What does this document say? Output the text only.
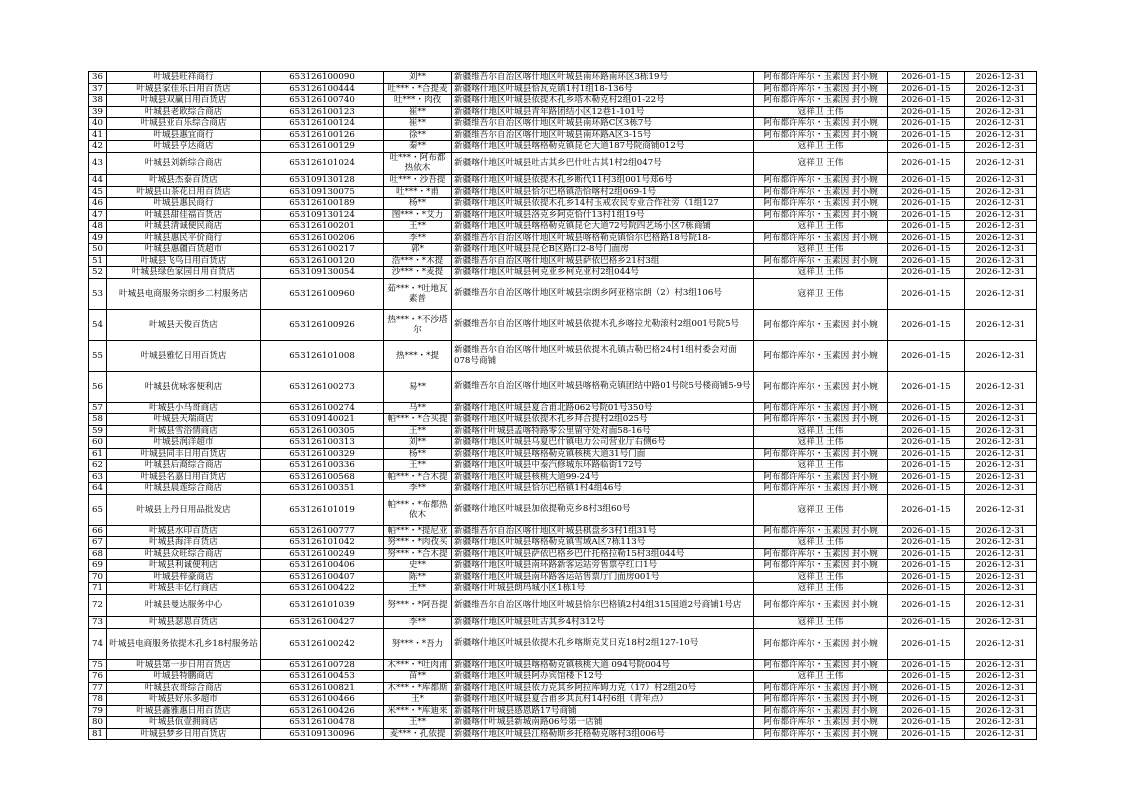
36	叶城县旺祥商行	653126100090	刘**	新疆维吾尔自治区喀什地区叶城县南环路南环区3栋19号	阿布都许库尔・玉素因 封小婉	2026-01-15	2026-12-31
37	叶城县家佳乐日用百货店	653126100444	吐***・*合提麦	新疆喀什地区叶城县恰瓦克镇1村1组18-136号	阿布都许库尔・玉素因 封小婉	2026-01-15	2026-12-31
38	叶城县双赢日用百货店	653126100740	吐***・肉孜	新疆喀什地区叶城县依提木孔乡塔木勒克村2组01-22号	阿布都许库尔・玉素因 封小婉	2026-01-15	2026-12-31
39	叶城县老欧综合商店	653126100123	崔**	新疆喀什地区叶城县青年路团结小区12巷1-101号	寇祥卫 王伟	2026-01-15	2026-12-31
40	叶城县亚百乐综合商店	653126100124	崔**	新疆维吾尔自治区喀什地区叶城县南环路C区3栋7号	阿布都许库尔・玉素因 封小婉	2026-01-15	2026-12-31
41	叶城县惠宜商行	653126100126	徐**	新疆维吾尔自治区喀什地区叶城县南环路A区3-15号	阿布都许库尔・玉素因 封小婉	2026-01-15	2026-12-31
42	叶城县亨达商店	653126100129	秦**	新疆喀什地区叶城县喀格勒克镇昆仑大道187号院商铺012号	寇祥卫 王伟	2026-01-15	2026-12-31
43	叶城县刘新综合商店	653126101024	吐***・阿布都热依木	新疆喀什地区叶城县吐古其乡巴什吐古其1村2组047号	寇祥卫 王伟	2026-01-15	2026-12-31
44	叶城县杰泰百货店	653109130128	吐***・沙吾提	新疆喀什地区叶城县依提木孔乡断代11村3组001号郑6号	阿布都许库尔・玉素因 封小婉	2026-01-15	2026-12-31
45	叶城县山茶花日用百货店	653109130075	吐***・*甫	新疆喀什地区叶城县恰尔巴格镇浩恰喀村2组069-1号	阿布都许库尔・玉素因 封小婉	2026-01-15	2026-12-31
46	叶城县惠民商行	653126100189	杨**	新疆喀什地区叶城县依提木孔乡14村玉戒农民专业合作社旁（1组127	阿布都许库尔・玉素因 封小婉	2026-01-15	2026-12-31
47	叶城县甜佳福百货店	653109130124	图***・*艾力	新疆喀什地区叶城县洛克乡阿克恰什13村1组19号	阿布都许库尔・玉素因 封小婉	2026-01-15	2026-12-31
48	叶城县清诚便民商店	653126100201	王**	新疆喀什地区叶城县喀格勒克镇昆仑大道72号院四艺场小区7栋商铺	寇祥卫 王伟	2026-01-15	2026-12-31
49	叶城县惠民平价商行	653126100206	李**	新疆维吾尔自治区喀什地区叶城县喀格勒克镇恰尔巴格路18号院18-	阿布都许库尔・玉素因 封小婉	2026-01-15	2026-12-31
50	叶城县惠疆百货超市	653126100217	郭*	新疆喀什地区叶城县昆仑B区路口2-8号门面房	寇祥卫 王伟	2026-01-15	2026-12-31
51	叶城县飞鸟日用百货店	653126100120	浩***・*木提	新疆维吾尔自治区喀什地区叶城县萨依巴格乡21村3组	阿布都许库尔・玉素因 封小婉	2026-01-15	2026-12-31
52	叶城县绿色家园日用百货店	653109130054	沙***・*麦提	新疆喀什地区叶城县柯克亚乡柯克亚村2组044号	寇祥卫 王伟	2026-01-15	2026-12-31
53	叶城县电商服务宗朗乡二村服务店	653126100960	茹***・*吐地瓦素普	新疆维吾尔自治区喀什地区叶城县宗朗乡阿亚格宗朗（2）村3组106号	寇祥卫 王伟	2026-01-15	2026-12-31
54	叶城县天俊百货店	653126100926	热***・*不沙塔尔	新疆维吾尔自治区喀什地区叶城县依提木孔乡喀拉尤勒滚村2组001号院5号	阿布都许库尔・玉素因 封小婉	2026-01-15	2026-12-31
55	叶城县雅忆日用百货店	653126101008	热***・*提	新疆维吾尔自治区喀什地区叶城县依提木孔镇古勒巴格24村1组村委会对面078号商铺	阿布都许库尔・玉素因 封小婉	2026-01-15	2026-12-31
56	叶城县优咏客便利店	653126100273	易**	新疆维吾尔自治区喀什地区叶城县喀格勒克镇团结中路01号院5号楼商铺5-9号	阿布都许库尔・玉素因 封小婉	2026-01-15	2026-12-31
57	叶城县小马哥商店	653126100274	马**	新疆喀什地区叶城县夏合甫北路062号院01号350号	阿布都许库尔・玉素因 封小婉	2026-01-15	2026-12-31
58	叶城县天瑞商店	653109140021	帕***・*合买提	新疆喀什地区叶城县依提木孔乡拜合提村2组025号	阿布都许库尔・玉素因 封小婉	2026-01-15	2026-12-31
59	叶城县雪浴情商店	653126100305	王**	新疆喀什叶城县孟喀特路零公里留守处对面58-16号	寇祥卫 王伟	2026-01-15	2026-12-31
60	叶城县润洋超市	653126100313	刘**	新疆喀什地区叶城县乌夏巴什镇电力公司营业厅右侧6号	寇祥卫 王伟	2026-01-15	2026-12-31
61	叶城县同丰日用百货店	653126100329	杨**	新疆喀什地区叶城县喀格勒克镇核桃大道31号门面	阿布都许库尔・玉素因 封小婉	2026-01-15	2026-12-31
62	叶城县后裔综合商店	653126100336	王**	新疆喀什地区叶城县中泰汽修城东环路临街172号	寇祥卫 王伟	2026-01-15	2026-12-31
63	叶城县名嘉日用百货店	653126100568	帕***・*合木提	新疆喀什地区叶城县核桃大道99-24号	阿布都许库尔・玉素因 封小婉	2026-01-15	2026-12-31
64	叶城县晨莲综合商店	653126100351	李**	新疆喀什地区叶城县恰尔巴格镇1村4组46号	阿布都许库尔・玉素因 封小婉	2026-01-15	2026-12-31
65	叶城县上丹日用品批发店	653126101019	帕***・*布都热依木	新疆喀什地区叶城县加依提勒克乡8村3组60号	寇祥卫 王伟	2026-01-15	2026-12-31
66	叶城县水印百货店	653126100777	帕***・*提尼亚	新疆维吾尔自治区喀什地区叶城县棋盘乡3村1组31号	阿布都许库尔・玉素因 封小婉	2026-01-15	2026-12-31
67	叶城县海洋百货店	653126101042	努***・*肉孜买	新疆喀什地区叶城县喀格勒克镇雪域A区7栋113号	寇祥卫 王伟	2026-01-15	2026-12-31
68	叶城县众旺综合商店	653126100249	努***・*合木提	新疆喀什地区叶城县萨依巴格乡巴什托格拉勒15村3组044号	阿布都许库尔・玉素因 封小婉	2026-01-15	2026-12-31
69	叶城县利诚便利店	653126100406	史**	新疆喀什地区叶城县南环路新客运站旁售票亭红口1号	阿布都许库尔・玉素因 封小婉	2026-01-15	2026-12-31
70	叶城县梓豪商店	653126100407	陈**	新疆喀什地区叶城县南环路客运站售票厅门面房001号	寇祥卫 王伟	2026-01-15	2026-12-31
71	叶城县丰亿行商店	653126100422	王**	新疆喀什叶城县朗玛城小区1栋1号	寇祥卫 王伟	2026-01-15	2026-12-31
72	叶城县曼达服务中心	653126101039	努***・*阿吾提	新疆维吾尔自治区喀什地区叶城县恰尔巴格镇2村4组315国道2号商铺1号店	阿布都许库尔・玉素因 封小婉	2026-01-15	2026-12-31
73	叶城县瑟恩百货店	653126100427	李**	新疆喀什地区叶城县吐古其乡4村312号	寇祥卫 王伟	2026-01-15	2026-12-31
74	叶城县电商服务依提木孔乡18村服务站	653126100242	努***・*吾力	新疆喀什地区叶城县依提木孔乡喀斯克艾日克18村2组127-10号	阿布都许库尔・玉素因 封小婉	2026-01-15	2026-12-31
75	叶城县第一步日用百货店	653126100728	木***・*吐肉甫	新疆喀什地区叶城县喀格勒克镇核桃大道 094号院004号	阿布都许库尔・玉素因 封小婉	2026-01-15	2026-12-31
76	叶城县特鹏商店	653126100453	苗**	新疆喀什地区叶城县阿办宾馆楼下12号	寇祥卫 王伟	2026-01-15	2026-12-31
77	叶城县农哥综合商店	653126100821	木***・*库都斯	新疆喀什地区叶城县依力克其乡阿拉库姆力克（17）村2组20号	阿布都许库尔・玉素因 封小婉	2026-01-15	2026-12-31
78	叶城县好乐多超市	653126100466	王*	新疆喀什地区叶城县夏合甫乡其瓦村14村6组（青年点）	阿布都许库尔・玉素因 封小婉	2026-01-15	2026-12-31
79	叶城县鑫雅惠日用百货店	653126100426	米***・*库迪来	新疆喀什叶城县感恩路17号商铺	阿布都许库尔・玉素因 封小婉	2026-01-15	2026-12-31
80	叶城县佤壹拥商店	653126100478	王**	新疆喀什叶城县新城南路06号第一店铺	阿布都许库尔・玉素因 封小婉	2026-01-15	2026-12-31
81	叶城县梦乡日用百货店	653109130096	麦***・孔依提	新疆喀什地区叶城县江格勒斯乡托格勒克喀村3组006号	阿布都许库尔・玉素因 封小婉	2026-01-15	2026-12-31
